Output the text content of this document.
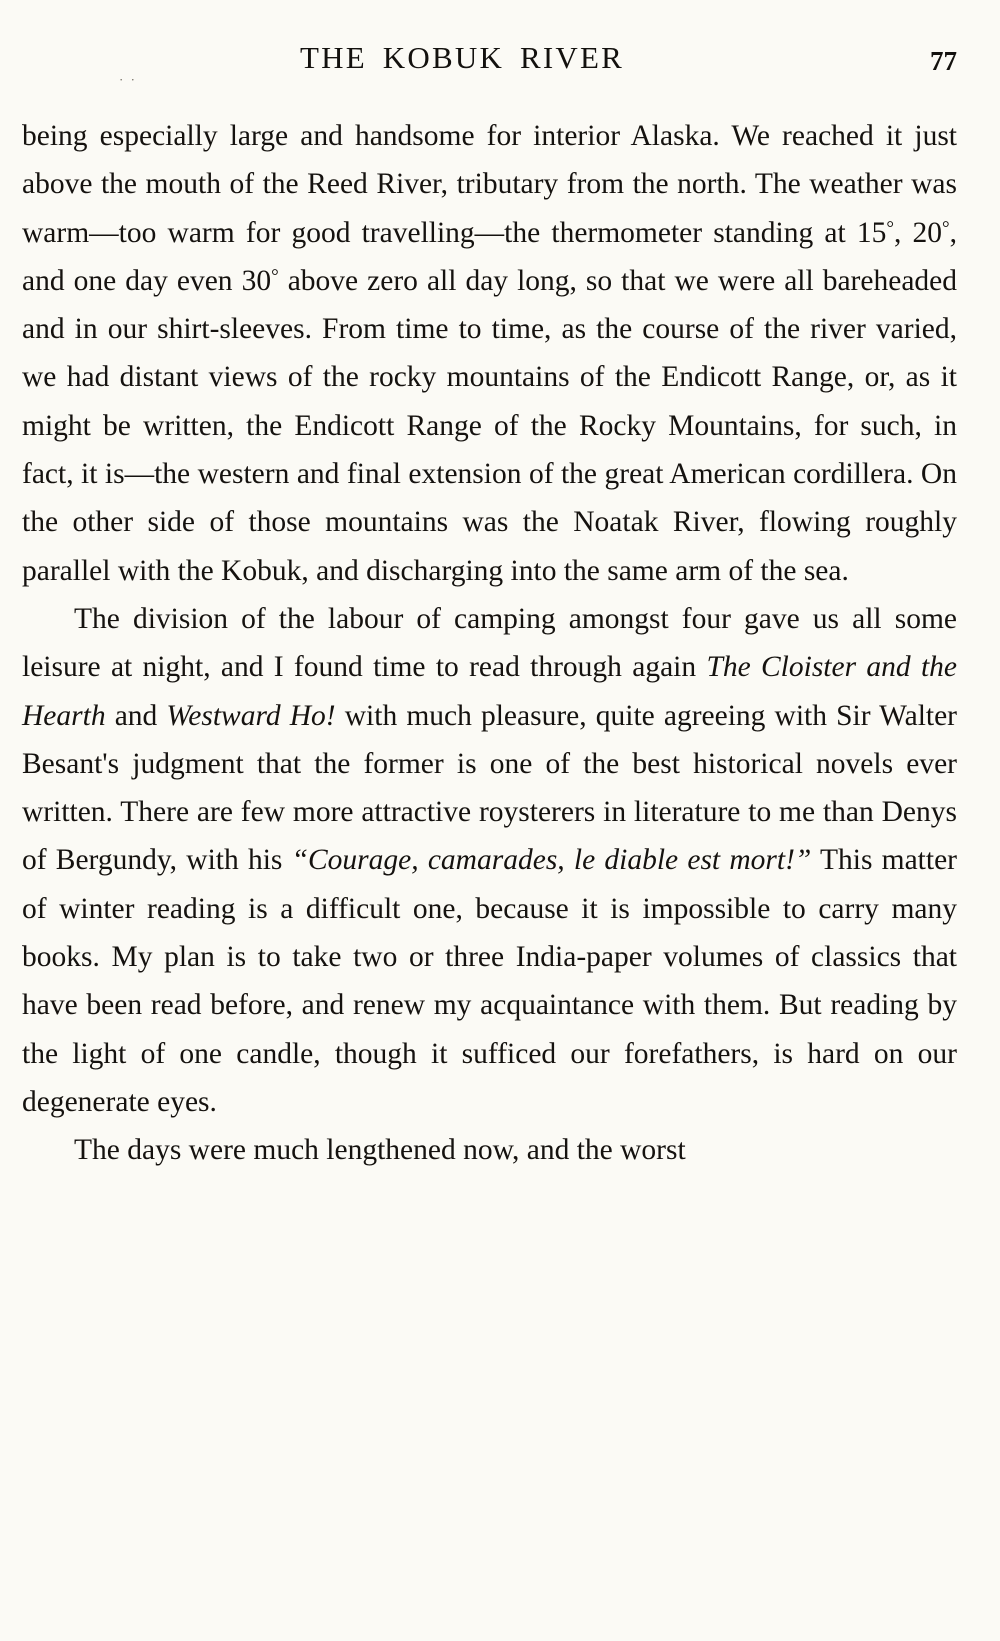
· ·
THE KOBUK RIVER	77

being especially large and handsome for interior Alaska. We reached it just above the mouth of the Reed River, tributary from the north. The weather was warm—too warm for good travelling—the thermometer standing at 15°, 20°, and one day even 30° above zero all day long, so that we were all bareheaded and in our shirt-sleeves. From time to time, as the course of the river varied, we had distant views of the rocky mountains of the Endicott Range, or, as it might be written, the Endicott Range of the Rocky Mountains, for such, in fact, it is—the western and final extension of the great American cordillera. On the other side of those mountains was the Noatak River, flowing roughly parallel with the Kobuk, and discharging into the same arm of the sea.

The division of the labour of camping amongst four gave us all some leisure at night, and I found time to read through again The Cloister and the Hearth and Westward Ho! with much pleasure, quite agreeing with Sir Walter Besant's judgment that the former is one of the best historical novels ever written. There are few more attractive roysterers in literature to me than Denys of Bergundy, with his “Courage, camarades, le diable est mort!” This matter of winter reading is a difficult one, because it is impossible to carry many books. My plan is to take two or three India-paper volumes of classics that have been read before, and renew my acquaintance with them. But reading by the light of one candle, though it sufficed our forefathers, is hard on our degenerate eyes.

The days were much lengthened now, and the worst
